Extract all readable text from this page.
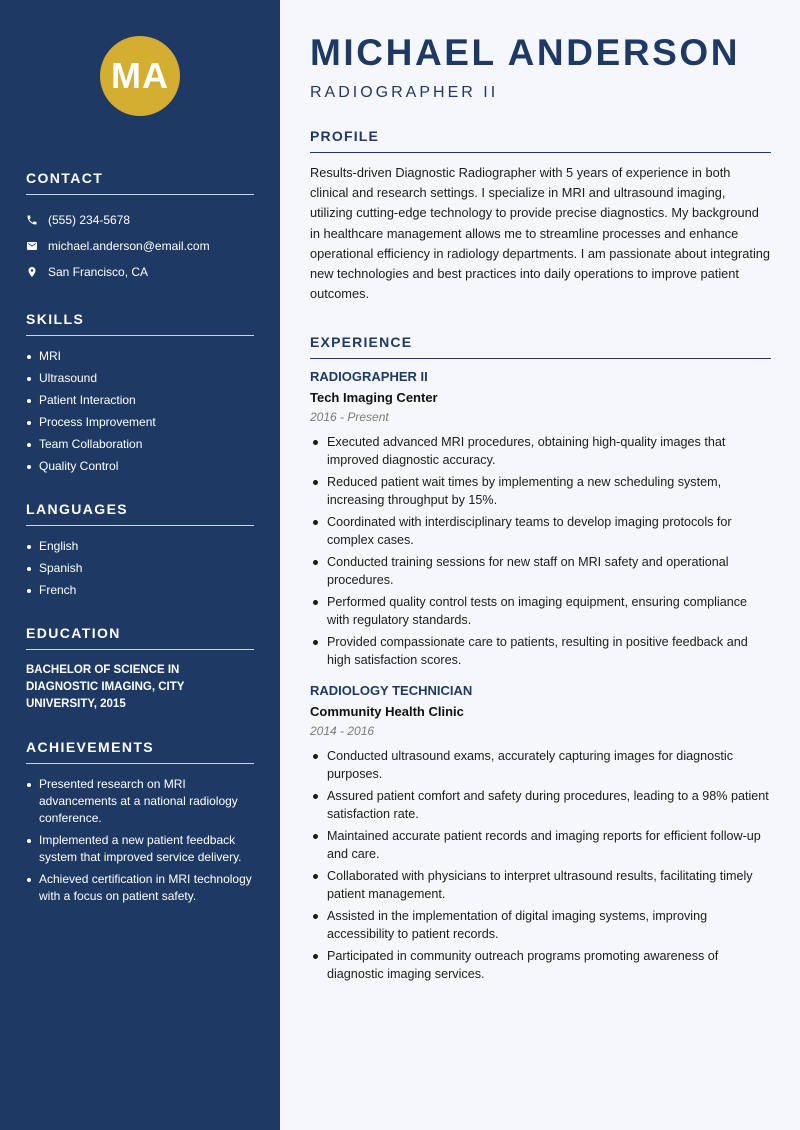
MA
CONTACT
(555) 234-5678
michael.anderson@email.com
San Francisco, CA
SKILLS
MRI
Ultrasound
Patient Interaction
Process Improvement
Team Collaboration
Quality Control
LANGUAGES
English
Spanish
French
EDUCATION
BACHELOR OF SCIENCE IN DIAGNOSTIC IMAGING, CITY UNIVERSITY, 2015
ACHIEVEMENTS
Presented research on MRI advancements at a national radiology conference.
Implemented a new patient feedback system that improved service delivery.
Achieved certification in MRI technology with a focus on patient safety.
MICHAEL ANDERSON
RADIOGRAPHER II
PROFILE

Results-driven Diagnostic Radiographer with 5 years of experience in both clinical and research settings. I specialize in MRI and ultrasound imaging, utilizing cutting-edge technology to provide precise diagnostics. My background in healthcare management allows me to streamline processes and enhance operational efficiency in radiology departments. I am passionate about integrating new technologies and best practices into daily operations to improve patient outcomes.

EXPERIENCE
RADIOGRAPHER II
Tech Imaging Center
2016 - Present
Executed advanced MRI procedures, obtaining high-quality images that improved diagnostic accuracy.
Reduced patient wait times by implementing a new scheduling system, increasing throughput by 15%.
Coordinated with interdisciplinary teams to develop imaging protocols for complex cases.
Conducted training sessions for new staff on MRI safety and operational procedures.
Performed quality control tests on imaging equipment, ensuring compliance with regulatory standards.
Provided compassionate care to patients, resulting in positive feedback and high satisfaction scores.
RADIOLOGY TECHNICIAN
Community Health Clinic
2014 - 2016
Conducted ultrasound exams, accurately capturing images for diagnostic purposes.
Assured patient comfort and safety during procedures, leading to a 98% patient satisfaction rate.
Maintained accurate patient records and imaging reports for efficient follow-up and care.
Collaborated with physicians to interpret ultrasound results, facilitating timely patient management.
Assisted in the implementation of digital imaging systems, improving accessibility to patient records.
Participated in community outreach programs promoting awareness of diagnostic imaging services.
